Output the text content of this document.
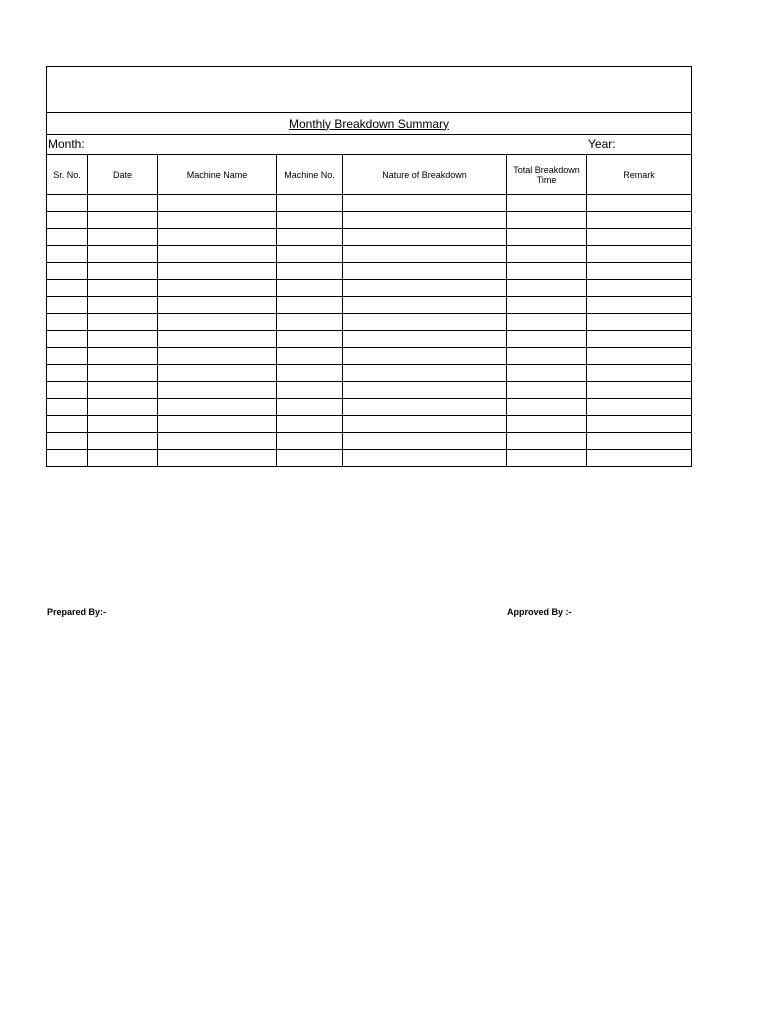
Monthly Breakdown Summary						

Month: Year:						

Sr. No.	Date	Machine Name	Machine No.	Nature of Breakdown	Total Breakdown Time	Remark

Prepared By:-	Approved By :-
